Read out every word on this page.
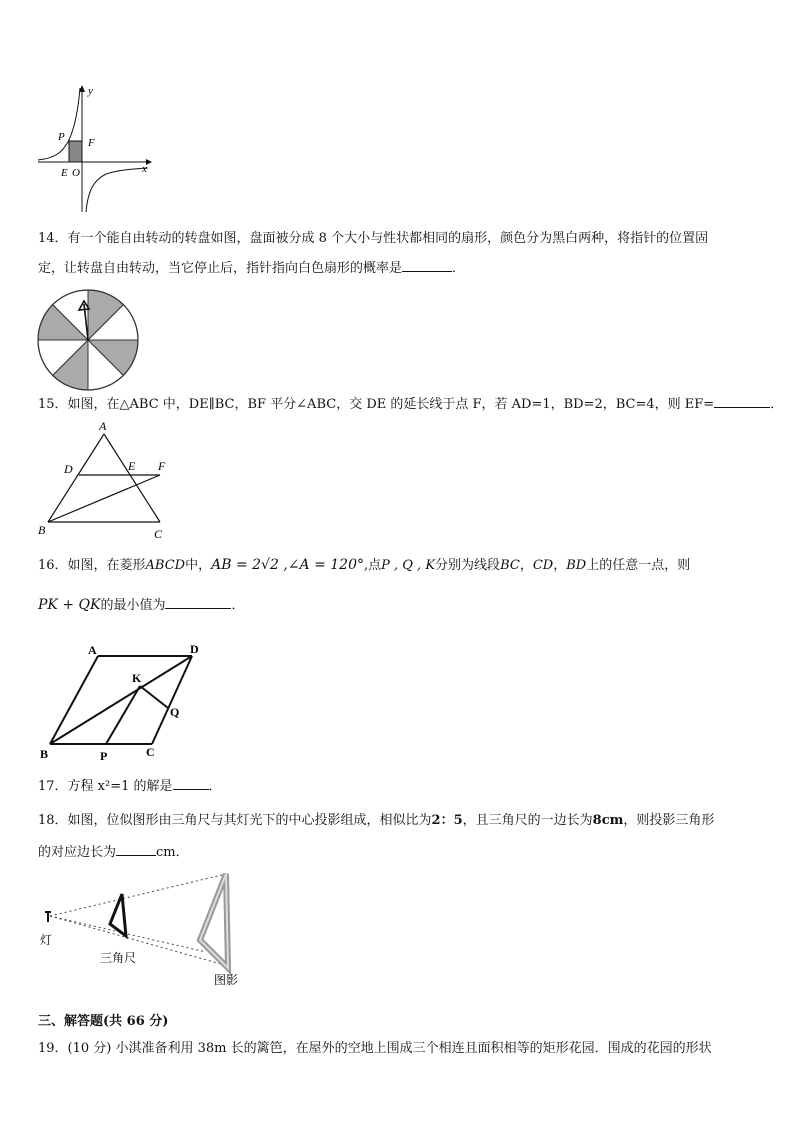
y
x
P F
E O
14．有一个能自由转动的转盘如图，盘面被分成 8 个大小与性状都相同的扇形，颜色分为黑白两种，将指针的位置固
定，让转盘自由转动，当它停止后，指针指向白色扇形的概率是	．
15．如图，在△ABC 中，DE∥BC，BF 平分∠ABC，交 DE 的延长线于点 F，若 AD=1，BD=2，BC=4，则 EF=	．
A
D	E F
B	C
16．如图，在菱形ABCD中，AB = 2√2 ,∠A = 120°,点P , Q , K分别为线段BC，CD，BD上的任意一点，则
PK + QK的最小值为	．
A	D
K
Q
B	P	C
17．方程 x²=1 的解是	．
18．如图，位似图形由三角尺与其灯光下的中心投影组成，相似比为2：5，且三角尺的一边长为8cm，则投影三角形
的对应边长为	cm．
灯
三角尺
图影
三、解答题(共 66 分)
19．(10 分) 小淇准备利用 38m 长的篱笆，在屋外的空地上围成三个相连且面积相等的矩形花园．围成的花园的形状
